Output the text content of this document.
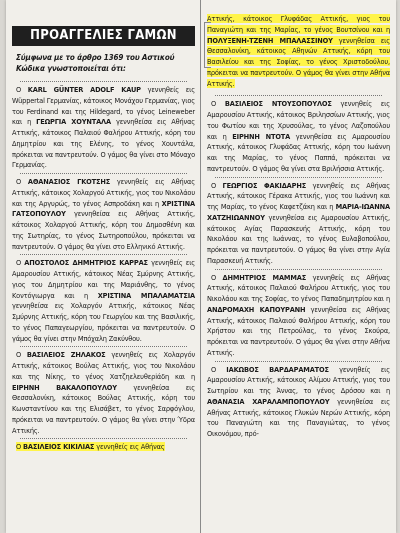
ΠΡΟΑΓΓΕΛΙΕΣ ΓΑΜΩΝ
Σύμφωνα με το άρθρο 1369 του Αστικού Κώδικα γνωστοποιείται ότι:

Ο KARL GÜNTER ADOLF KAUP γεννηθείς εις Wüppertal Γερμανίας, κάτοικος Μονάχου Γερμανίας, γιος του Ferdinand και της Hildegard, το γένος Leineweber και η ΓΕΩΡΓΙΑ ΧΟΥΝΤΑΛΑ γεννηθείσα εις Αθήνας Αττικής, κάτοικος Παλαιού Φαλήρου Αττικής, κόρη του Δημητρίου και της Ελένης, το γένος Χουντάλα, πρόκειται να παντρευτούν. Ο γάμος θα γίνει στο Μόναχο Γερμανίας.

Ο ΑΘΑΝΑΣΙΟΣ ΓΚΟΤΣΗΣ γεννηθείς εις Αθήνας Αττικής, κάτοικος Χολαργού Αττικής, γιος του Νικολάου και της Αργυρώς, το γένος Ασπροδάκη και η ΧΡΙΣΤΙΝΑ ΓΑΤΣΟΠΟΥΛΟΥ γεννηθείσα εις Αθήνας Αττικής, κάτοικος Χολαργού Αττικής, κόρη του Δημοσθένη και της Σωτηρίας, το γένος Σωτηροπούλου, πρόκειται να παντρευτούν. Ο γάμος θα γίνει στο Ελληνικό Αττικής.

Ο ΑΠΟΣΤΟΛΟΣ ΔΗΜΗΤΡΙΟΣ ΚΑΡΡΑΣ γεννηθείς εις Αμαρουσίου Αττικής, κάτοικος Νέας Σμύρνης Αττικής, γιος του Δημητρίου και της Μαριάνθης, το γένος Κοντόγιωργα και η ΧΡΙΣΤΙΝΑ ΜΠΑΛΑΜΑΤΣΙΑ γεννηθείσα εις Χολαργόν Αττικής, κάτοικος Νέας Σμύρνης Αττικής, κόρη του Γεωργίου και της Βασιλικής, το γένος Παπαγεωργίου, πρόκειται να παντρευτούν. Ο γάμος θα γίνει στην Μπόχαλη Ζακύνθου.

Ο ΒΑΣΙΛΕΙΟΣ ΖΗΛΑΚΟΣ γεννηθείς εις Χολαργόν Αττικής, κάτοικος Βούλας Αττικής, γιος του Νικολάου και της Νίκης, το γένος Χατζηελευθερiάδη και η ΕΙΡΗΝΗ ΒΑΚΑΛΟΠΟΥΛΟΥ γεννηθείσα εις Θεσσαλονίκη, κάτοικος Βούλας Αττικής, κόρη του Κωνσταντίνου και της Ελισάβετ, το γένος Σαρφόγλου, πρόκειται να παντρευτούν. Ο γάμος θα γίνει στην Ύδρα Αττικής.

Ο ΒΑΣΙΛΕΙΟΣ ΚΙΚΙΛΙΑΣ γεννηθείς εις Αθήνας

Αττικής, κάτοικος Γλυφάδας Αττικής, γιος του Παναγιώτη και της Μαρίας, το γένος Βουτσίνου και η ΠΟΛΥΞΕΝΗ-ΤΖΕΝΗ ΜΠΑΛΑΣΣΙΝΟΥ γεννηθείσα εις Θεσσαλονίκη, κάτοικος Αθηνών Αττικής, κόρη του Βασιλείου και της Σοφίας, το γένος Χριστοδούλου, πρόκειται να παντρευτούν. Ο γάμος θα γίνει στην Αθήνα Αττικής.

Ο ΒΑΣΙΛΕΙΟΣ ΝΤΟΥΣΟΠΟΥΛΟΣ γεννηθείς εις Αμαρουσίου Αττικής, κάτοικος Βριλησσίων Αττικής, γιος του Φωτίου και της Χρυσούλας, το γένος Λαζοπούλου και η ΕΙΡΗΝΗ ΝΤΟΤΑ γεννηθείσα εις Αμαρουσίου Αττικής, κάτοικος Γλυφάδας Αττικής, κόρη του Ιωάννη και της Μαρίας, το γένος Παππά, πρόκειται να παντρευτούν. Ο γάμος θα γίνει στα Βριλήσσια Αττικής.

Ο ΓΕΩΡΓΙΟΣ ΦΑΚΙΔΑΡΗΣ γεννηθείς εις Αθήνας Αττικής, κάτοικος Γέρακα Αττικής, γιος του Ιωάννη και της Μαρίας, το γένος Καφετζάκη και η ΜΑΡΙΑ-ΙΩΑΝΝΑ ΧΑΤΖΗΙΩΑΝΝΟΥ γεννηθείσα εις Αμαρουσίου Αττικής, κάτοικος Αγίας Παρασκευής Αττικής, κόρη του Νικολάου και της Ιωάννας, το γένος Ευλαβοπούλου, πρόκειται να παντρευτούν. Ο γάμος θα γίνει στην Αγία Παρασκευή Αττικής.

Ο ΔΗΜΗΤΡΙΟΣ ΜΑΜΜΑΣ γεννηθείς εις Αθήνας Αττικής, κάτοικος Παλαιού Φαλήρου Αττικής, γιος του Νικολάου και της Σοφίας, το γένος Παπαδημητρίου και η ΑΝΔΡΟΜΑΧΗ ΚΑΠΟΥΡΑΝΗ γεννηθείσα εις Αθήνας Αττικής, κάτοικος Παλαιού Φαλήρου Αττικής, κόρη του Χρήστου και της Πετρούλας, το γένος Σκούρα, πρόκειται να παντρευτούν. Ο γάμος θα γίνει στην Αθήνα Αττικής.

Ο ΙΑΚΩΒΟΣ ΒΑΡΔΑΡΑΜΑΤΟΣ γεννηθείς εις Αμαρουσίου Αττικής, κάτοικος Αλίμου Αττικής, γιος του Σωτηρίου και της Άννας, το γένος Δρόσου και η ΑΘΑΝΑΣΙΑ ΧΑΡΑΛΑΜΠΟΠΟΥΛΟΥ γεννηθείσα εις Αθήνας Αττικής, κάτοικος Γλυκών Νερών Αττικής, κόρη του Παναγιώτη και της Παναγιώτας, το γένος Οικονόμου, πρό-
